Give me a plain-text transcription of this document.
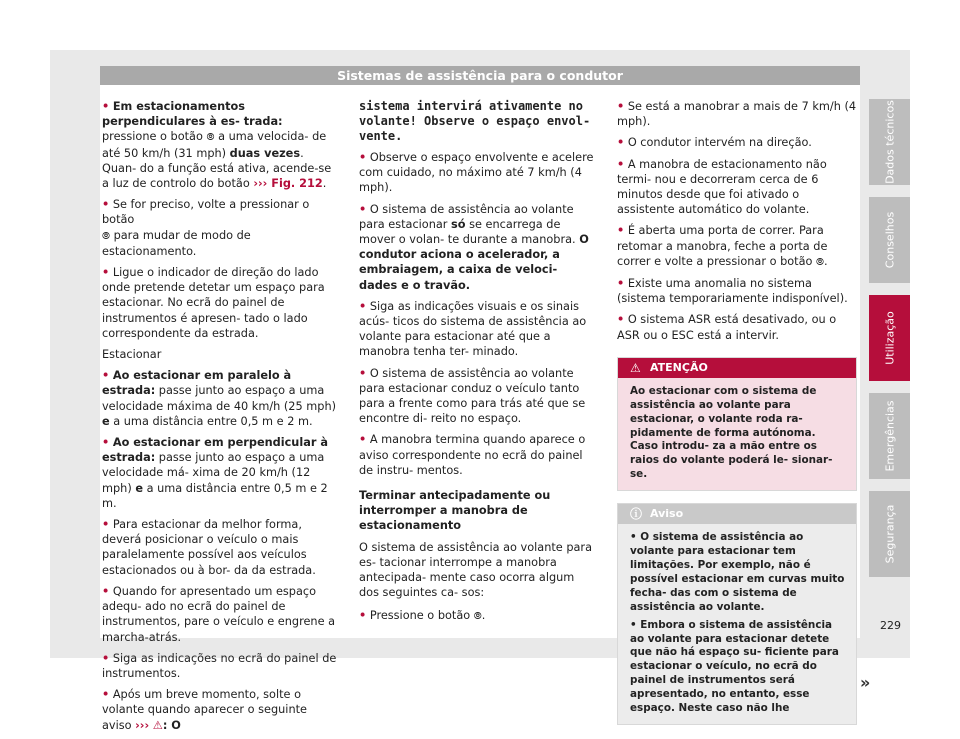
Sistemas de assistência para o condutor

• Em estacionamentos perpendiculares à es- trada: pressione o botão ⦾ a uma velocida- de até 50 km/h (31 mph) duas vezes. Quan- do a função está ativa, acende-se a luz de controlo do botão ››› Fig. 212.

• Se for preciso, volte a pressionar o botão
⦾ para mudar de modo de estacionamento.

• Ligue o indicador de direção do lado onde pretende detetar um espaço para estacionar. No ecrã do painel de instrumentos é apresen- tado o lado correspondente da estrada.

Estacionar

• Ao estacionar em paralelo à estrada: passe junto ao espaço a uma velocidade máxima de 40 km/h (25 mph) e a uma distância entre 0,5 m e 2 m.

• Ao estacionar em perpendicular à estrada: passe junto ao espaço a uma velocidade má- xima de 20 km/h (12 mph) e a uma distância entre 0,5 m e 2 m.

• Para estacionar da melhor forma, deverá posicionar o veículo o mais paralelamente possível aos veículos estacionados ou à bor- da da estrada.

• Quando for apresentado um espaço adequ- ado no ecrã do painel de instrumentos, pare o veículo e engrene a marcha-atrás.

• Siga as indicações no ecrã do painel de instrumentos.

• Após um breve momento, solte o volante quando aparecer o seguinte aviso ››› ⚠: O

sistema intervirá ativamente no volante! Observe o espaço envol- vente.

• Observe o espaço envolvente e acelere com cuidado, no máximo até 7 km/h (4 mph).

• O sistema de assistência ao volante para estacionar só se encarrega de mover o volan- te durante a manobra. O condutor aciona o acelerador, a embraiagem, a caixa de veloci- dades e o travão.

• Siga as indicações visuais e os sinais acús- ticos do sistema de assistência ao volante para estacionar até que a manobra tenha ter- minado.

• O sistema de assistência ao volante para estacionar conduz o veículo tanto para a frente como para trás até que se encontre di- reito no espaço.

• A manobra termina quando aparece o aviso correspondente no ecrã do painel de instru- mentos.

Terminar antecipadamente ou interromper a manobra de estacionamento

O sistema de assistência ao volante para es- tacionar interrompe a manobra antecipada- mente caso ocorra algum dos seguintes ca- sos:

• Pressione o botão ⦾.

• Se está a manobrar a mais de 7 km/h (4 mph).

• O condutor intervém na direção.

• A manobra de estacionamento não termi- nou e decorreram cerca de 6 minutos desde que foi ativado o assistente automático do volante.

• É aberta uma porta de correr. Para retomar a manobra, feche a porta de correr e volte a pressionar o botão ⦾.

• Existe uma anomalia no sistema (sistema temporariamente indisponível).

• O sistema ASR está desativado, ou o ASR ou o ESC está a intervir.

⚠ ATENÇÃO
Ao estacionar com o sistema de assistência ao volante para estacionar, o volante roda ra- pidamente de forma autónoma. Caso introdu- za a mão entre os raios do volante poderá le- sionar-se.
ⓘ Aviso

• O sistema de assistência ao volante para estacionar tem limitações. Por exemplo, não é possível estacionar em curvas muito fecha- das com o sistema de assistência ao volante.

• Embora o sistema de assistência ao volante para estacionar detete que não há espaço su- ficiente para estacionar o veículo, no ecrã do painel de instrumentos será apresentado, no entanto, esse espaço. Neste caso não lhe

»
Dados técnicos
Conselhos
Utilização
Emergências
Segurança
229
